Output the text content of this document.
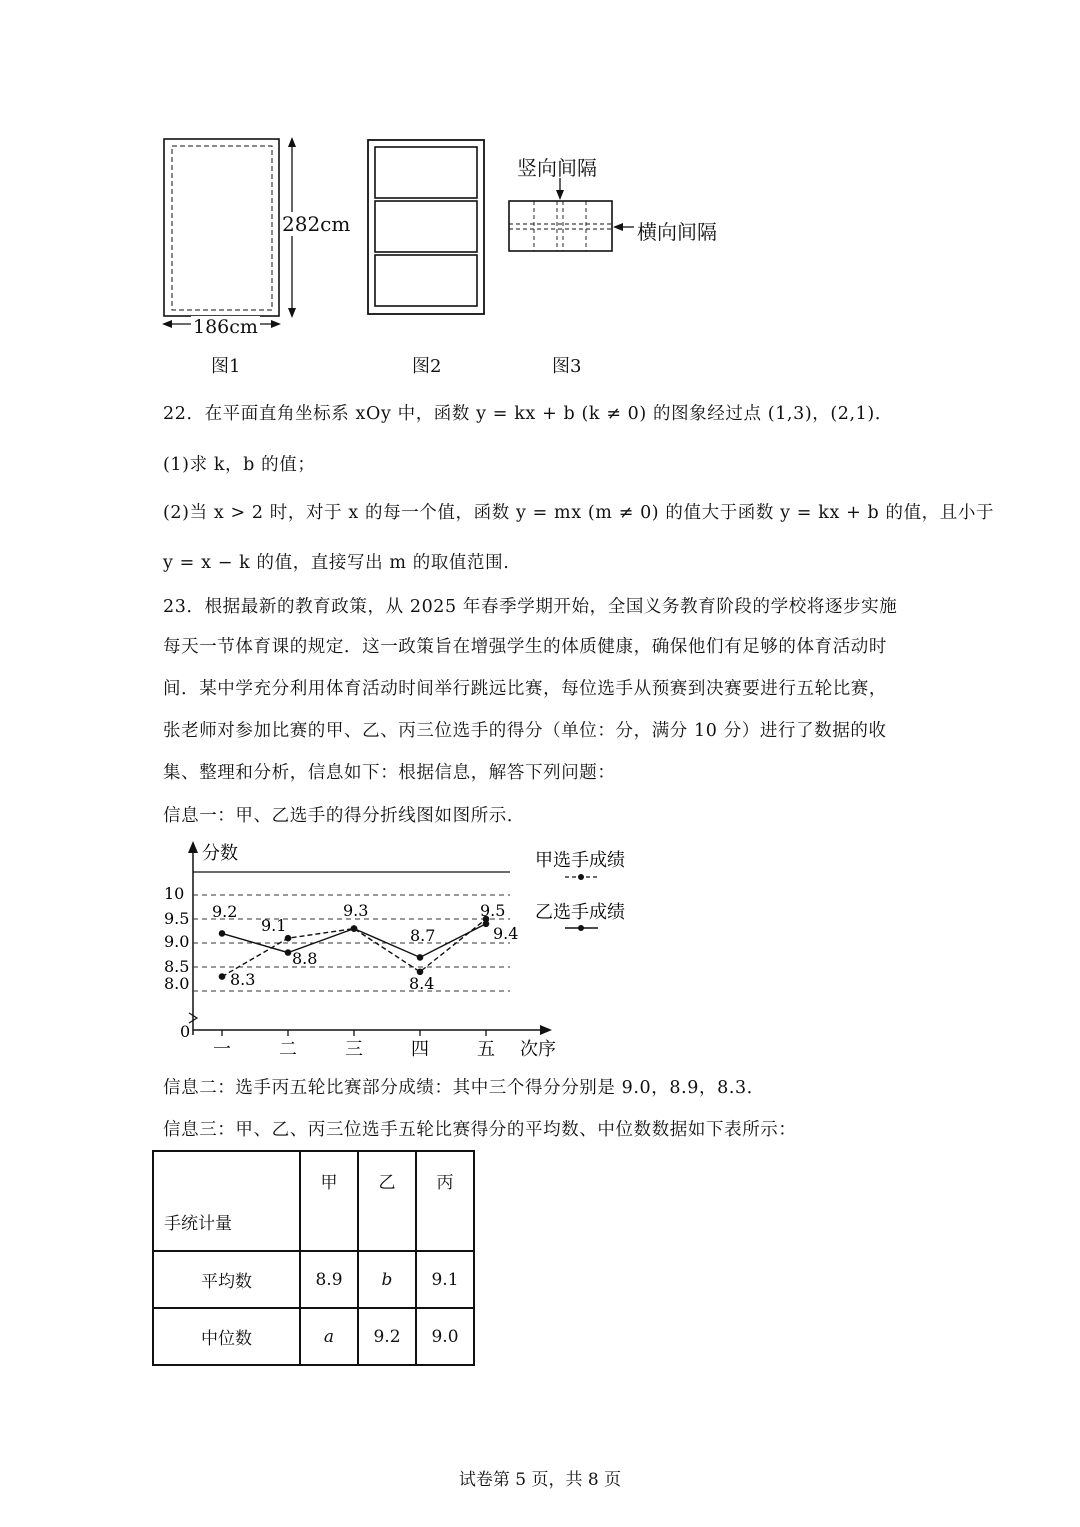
282cm
186cm
图1	图2
竖向间隔
横向间隔
图3
22．在平面直角坐标系 xOy 中，函数 y = kx + b (k ≠ 0) 的图象经过点 (1,3)，(2,1)．
(1)求 k，b 的值；
(2)当 x > 2 时，对于 x 的每一个值，函数 y = mx (m ≠ 0) 的值大于函数 y = kx + b 的值，且小于
y = x − k 的值，直接写出 m 的取值范围.
23．根据最新的教育政策，从 2025 年春季学期开始，全国义务教育阶段的学校将逐步实施
每天一节体育课的规定．这一政策旨在增强学生的体质健康，确保他们有足够的体育活动时
间．某中学充分利用体育活动时间举行跳远比赛，每位选手从预赛到决赛要进行五轮比赛，
张老师对参加比赛的甲、乙、丙三位选手的得分（单位：分，满分 10 分）进行了数据的收
集、整理和分析，信息如下：根据信息，解答下列问题：
信息一：甲、乙选手的得分折线图如图所示．
8.0
8.5
9.0
9.5
10
一	二	三	四	五
8.3
9.1
9.3
8.4
9.5
9.2
8.8
8.7	9.4
甲选手成绩
乙选手成绩
分数
次序
0
信息二：选手丙五轮比赛部分成绩：其中三个得分分别是 9.0，8.9，8.3．
信息三：甲、乙、丙三位选手五轮比赛得分的平均数、中位数数据如下表所示：
手统计量	甲	乙	丙
平均数	8.9	b	9.1
中位数	a	9.2	9.0
试卷第 5 页，共 8 页
